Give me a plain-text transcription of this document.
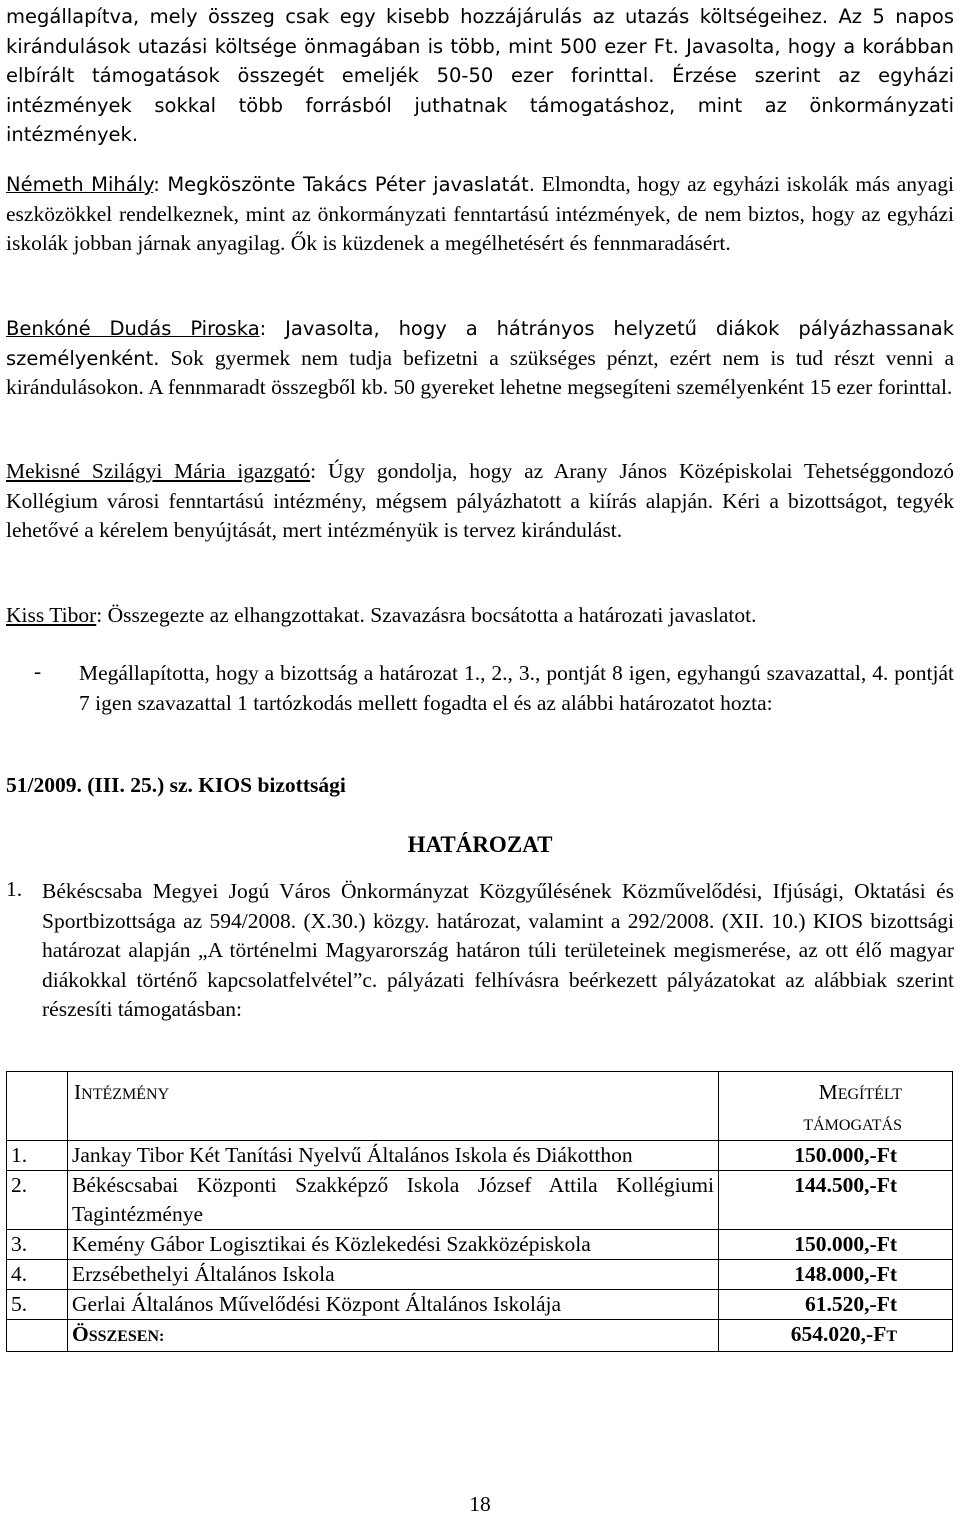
megállapítva, mely összeg csak egy kisebb hozzájárulás az utazás költségeihez. Az 5 napos kirándulások utazási költsége önmagában is több, mint 500 ezer Ft. Javasolta, hogy a korábban elbírált támogatások összegét emeljék 50-50 ezer forinttal. Érzése szerint az egyházi intézmények sokkal több forrásból juthatnak támogatáshoz, mint az önkormányzati intézmények.

Németh Mihály: Megköszönte Takács Péter javaslatát. Elmondta, hogy az egyházi iskolák más anyagi eszközökkel rendelkeznek, mint az önkormányzati fenntartású intézmények, de nem biztos, hogy az egyházi iskolák jobban járnak anyagilag. Ők is küzdenek a megélhetésért és fennmaradásért.

Benkóné Dudás Piroska: Javasolta, hogy a hátrányos helyzetű diákok pályázhassanak személyenként. Sok gyermek nem tudja befizetni a szükséges pénzt, ezért nem is tud részt venni a kirándulásokon. A fennmaradt összegből kb. 50 gyereket lehetne megsegíteni személyenként 15 ezer forinttal.

Mekisné Szilágyi Mária igazgató: Úgy gondolja, hogy az Arany János Középiskolai Tehetséggondozó Kollégium városi fenntartású intézmény, mégsem pályázhatott a kiírás alapján. Kéri a bizottságot, tegyék lehetővé a kérelem benyújtását, mert intézményük is tervez kirándulást.

Kiss Tibor: Összegezte az elhangzottakat. Szavazásra bocsátotta a határozati javaslatot.

- Megállapította, hogy a bizottság a határozat 1., 2., 3., pontját 8 igen, egyhangú szavazattal, 4. pontját 7 igen szavazattal 1 tartózkodás mellett fogadta el és az alábbi határozatot hozta:

51/2009. (III. 25.) sz. KIOS bizottsági
HATÁROZAT
1. Békéscsaba Megyei Jogú Város Önkormányzat Közgyűlésének Közművelődési, Ifjúsági, Oktatási és Sportbizottsága az 594/2008. (X.30.) közgy. határozat, valamint a 292/2008. (XII. 10.) KIOS bizottsági határozat alapján „A történelmi Magyarország határon túli területeinek megismerése, az ott élő magyar diákokkal történő kapcsolatfelvétel”c. pályázati felhívásra beérkezett pályázatokat az alábbiak szerint részesíti támogatásban:

	INTÉZMÉNY	MEGÍTÉLT
TÁMOGATÁS
1.	Jankay Tibor Két Tanítási Nyelvű Általános Iskola és Diákotthon	150.000,-Ft
2.	Békéscsabai Központi Szakképző Iskola József Attila Kollégiumi Tagintézménye	144.500,-Ft
3.	Kemény Gábor Logisztikai és Közlekedési Szakközépiskola	150.000,-Ft
4.	Erzsébethelyi Általános Iskola	148.000,-Ft
5.	Gerlai Általános Művelődési Központ Általános Iskolája	61.520,-Ft
	ÖSSZESEN:	654.020,-FT
18
